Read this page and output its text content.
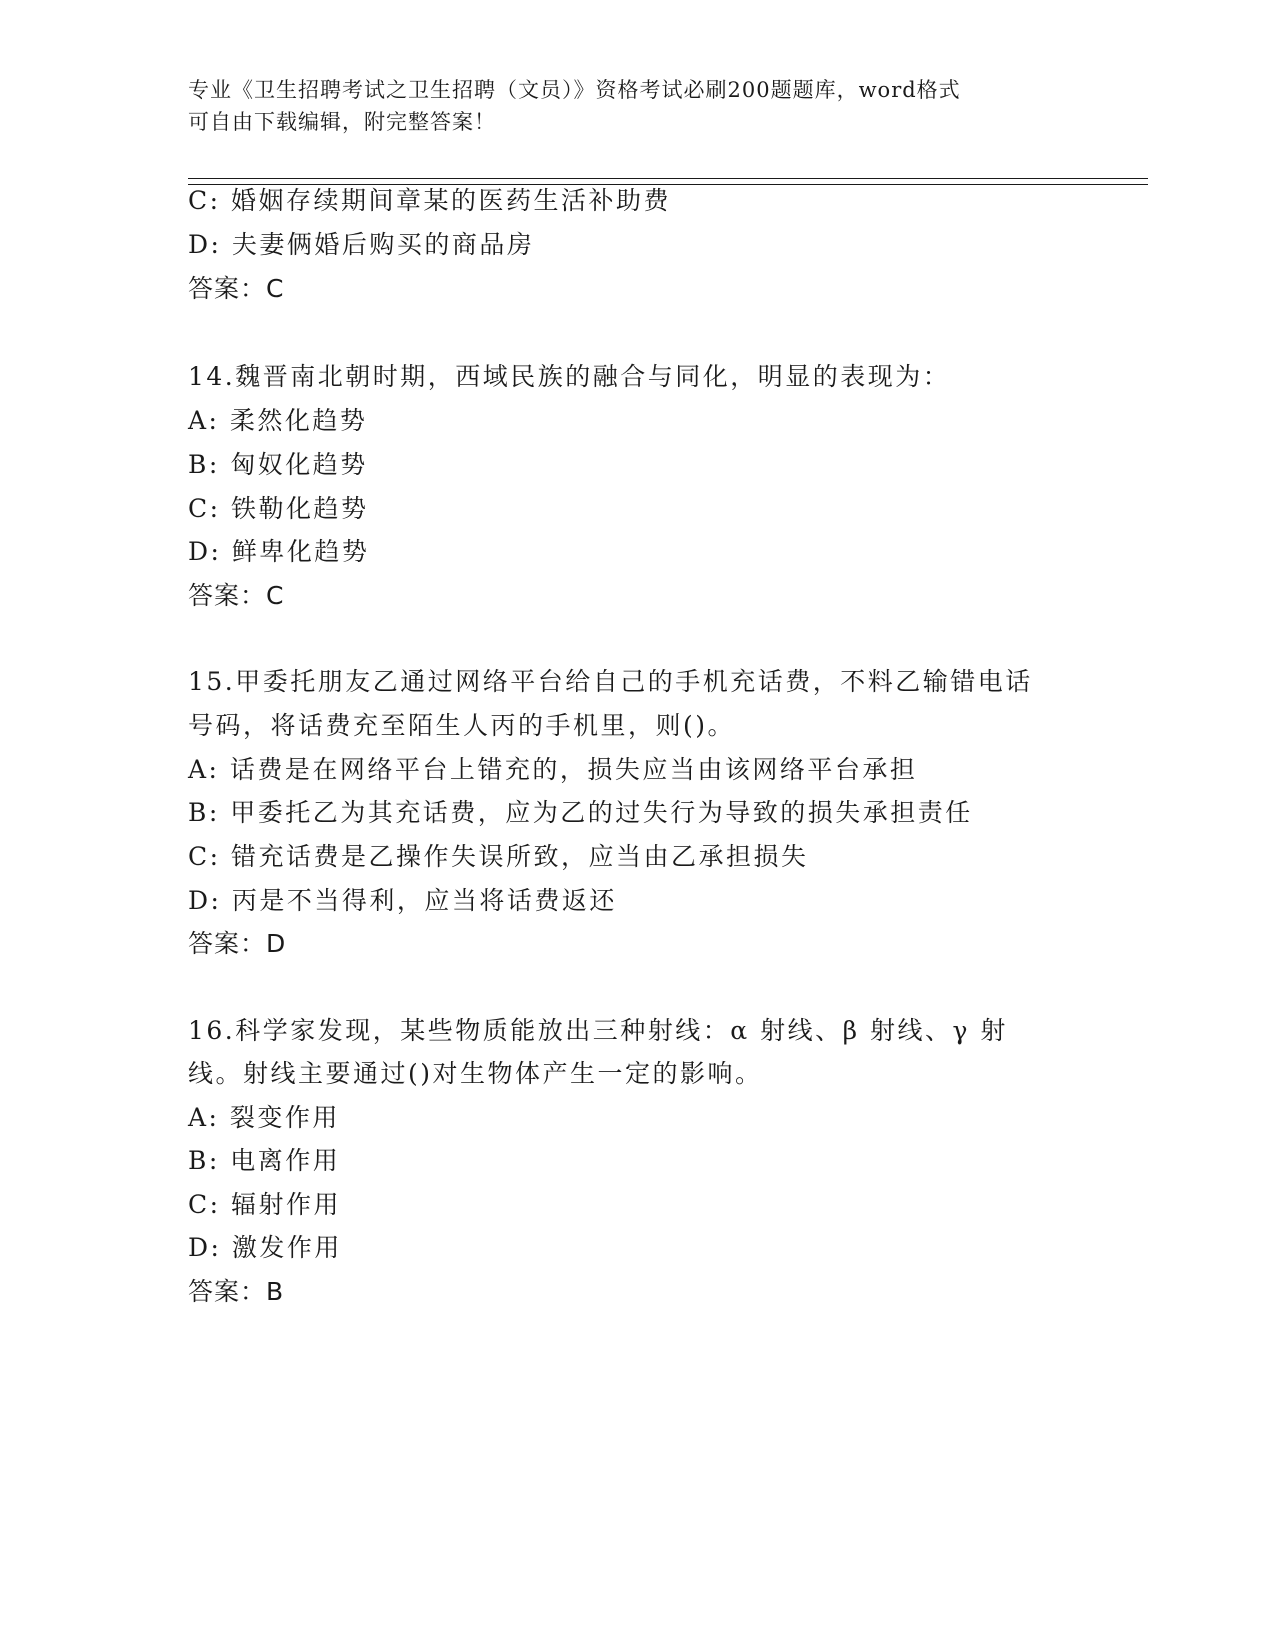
专业《卫生招聘考试之卫生招聘（文员）》资格考试必刷200题题库，word格式
可自由下载编辑，附完整答案！
C: 婚姻存续期间章某的医药生活补助费
D: 夫妻俩婚后购买的商品房
答案：C
14.魏晋南北朝时期，西域民族的融合与同化，明显的表现为：
A: 柔然化趋势
B: 匈奴化趋势
C: 铁勒化趋势
D: 鲜卑化趋势
答案：C
15.甲委托朋友乙通过网络平台给自己的手机充话费，不料乙输错电话
号码，将话费充至陌生人丙的手机里，则()。
A: 话费是在网络平台上错充的，损失应当由该网络平台承担
B: 甲委托乙为其充话费，应为乙的过失行为导致的损失承担责任
C: 错充话费是乙操作失误所致，应当由乙承担损失
D: 丙是不当得利，应当将话费返还
答案：D
16.科学家发现，某些物质能放出三种射线：α 射线、β 射线、γ 射
线。射线主要通过()对生物体产生一定的影响。
A: 裂变作用
B: 电离作用
C: 辐射作用
D: 激发作用
答案：B
